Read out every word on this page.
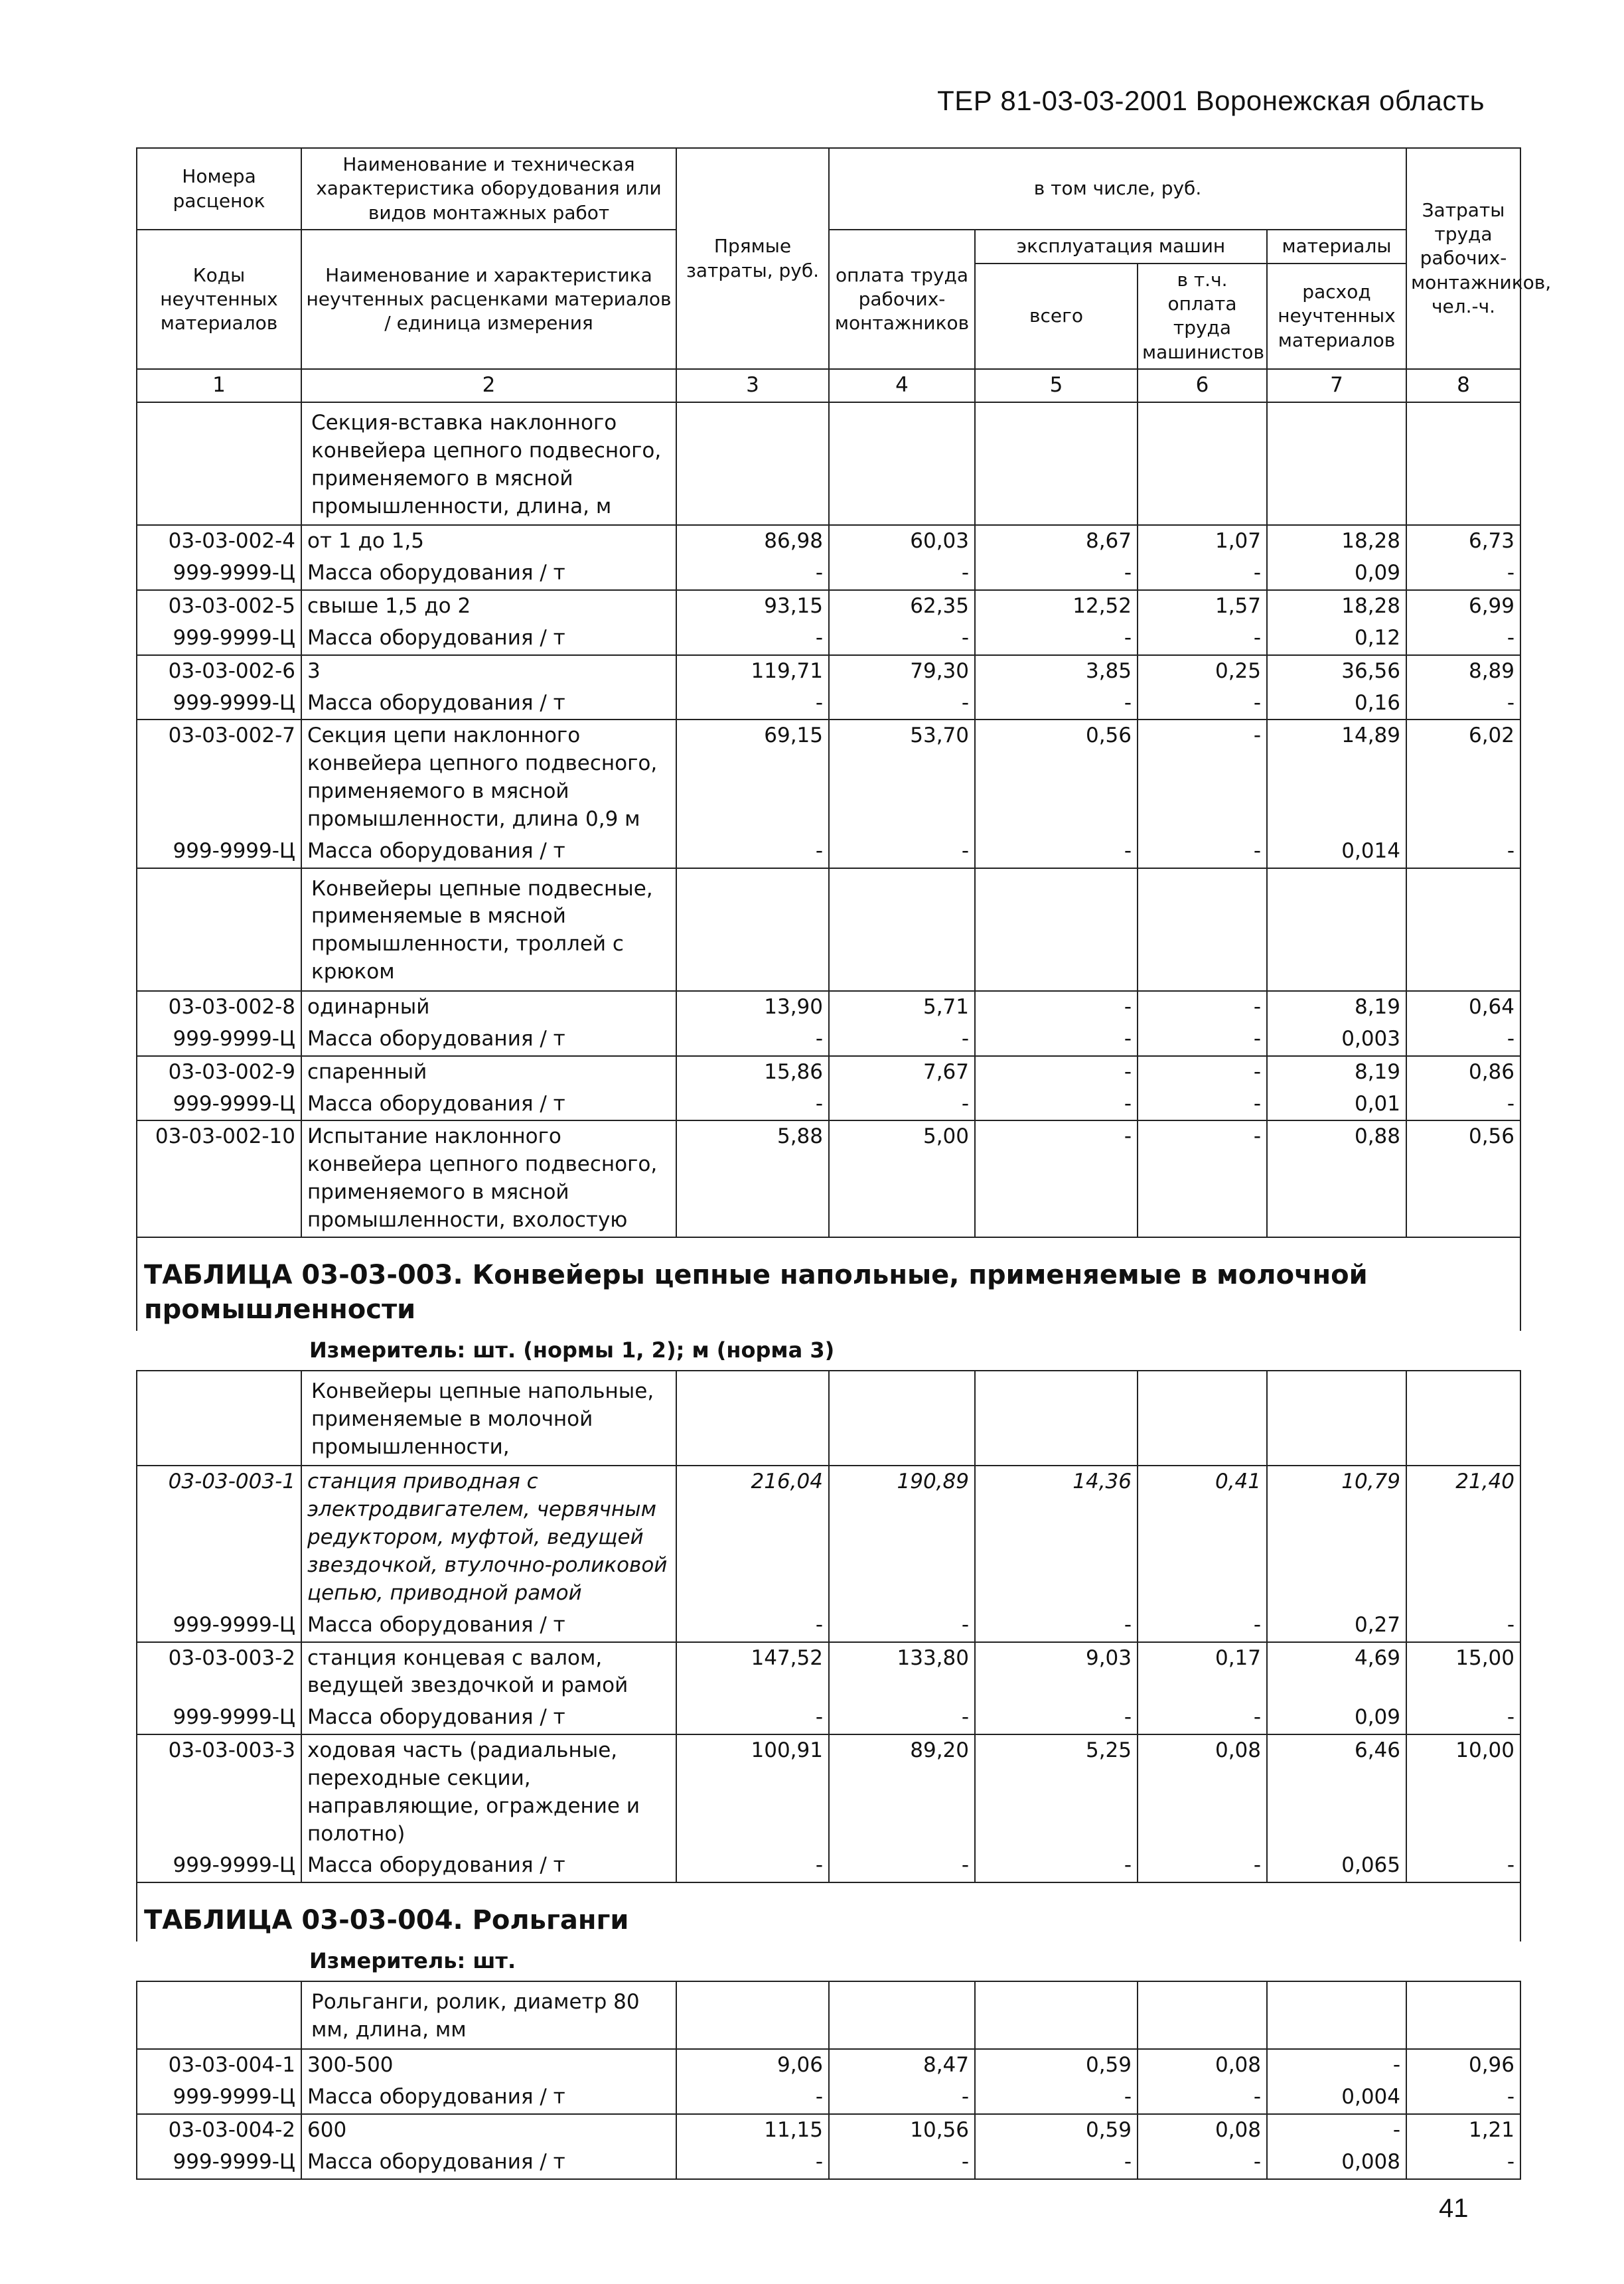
ТЕР 81-03-03-2001 Воронежская область
Номера расценок	Наименование и техническая характеристика оборудования или видов монтажных работ	Прямые затраты, руб.	в том числе, руб.				Затраты труда рабочих-монтажников, чел.-ч.
Коды неучтенных материалов	Наименование и характеристика неучтенных расценками материалов / единица измерения		оплата труда рабочих-монтажников	эксплуатация машин		материалы	
				всего	в т.ч. оплата труда машинистов	расход неучтенных материалов	
1	2	3	4	5	6	7	8
	Секция-вставка наклонного конвейера цепного подвесного, применяемого в мясной промышленности, длина, м						
03-03-002-4	от 1 до 1,5	86,98	60,03	8,67	1,07	18,28	6,73
999-9999-Ц	Масса оборудования / т	-	-	-	-	0,09	-
03-03-002-5	свыше 1,5 до 2	93,15	62,35	12,52	1,57	18,28	6,99
999-9999-Ц	Масса оборудования / т	-	-	-	-	0,12	-
03-03-002-6	3	119,71	79,30	3,85	0,25	36,56	8,89
999-9999-Ц	Масса оборудования / т	-	-	-	-	0,16	-
03-03-002-7	Секция цепи наклонного конвейера цепного подвесного, применяемого в мясной промышленности, длина 0,9 м	69,15	53,70	0,56	-	14,89	6,02
999-9999-Ц	Масса оборудования / т	-	-	-	-	0,014	-
	Конвейеры цепные подвесные, применяемые в мясной промышленности, троллей с крюком						
03-03-002-8	одинарный	13,90	5,71	-	-	8,19	0,64
999-9999-Ц	Масса оборудования / т	-	-	-	-	0,003	-
03-03-002-9	спаренный	15,86	7,67	-	-	8,19	0,86
999-9999-Ц	Масса оборудования / т	-	-	-	-	0,01	-
03-03-002-10	Испытание наклонного конвейера цепного подвесного, применяемого в мясной промышленности, вхолостую	5,88	5,00	-	-	0,88	0,56
ТАБЛИЦА 03-03-003. Конвейеры цепные напольные, применяемые в молочной промышленности							
Измеритель: шт. (нормы 1, 2); м (норма 3)							
	Конвейеры цепные напольные, применяемые в молочной промышленности,						
03-03-003-1	станция приводная с электродвигателем, червячным редуктором, муфтой, ведущей звездочкой, втулочно-роликовой цепью, приводной рамой	216,04	190,89	14,36	0,41	10,79	21,40
999-9999-Ц	Масса оборудования / т	-	-	-	-	0,27	-
03-03-003-2	станция концевая с валом, ведущей звездочкой и рамой	147,52	133,80	9,03	0,17	4,69	15,00
999-9999-Ц	Масса оборудования / т	-	-	-	-	0,09	-
03-03-003-3	ходовая часть (радиальные, переходные секции, направляющие, ограждение и полотно)	100,91	89,20	5,25	0,08	6,46	10,00
999-9999-Ц	Масса оборудования / т	-	-	-	-	0,065	-
ТАБЛИЦА 03-03-004. Рольганги							
Измеритель: шт.							
	Рольганги, ролик, диаметр 80 мм, длина, мм						
03-03-004-1	300-500	9,06	8,47	0,59	0,08	-	0,96
999-9999-Ц	Масса оборудования / т	-	-	-	-	0,004	-
03-03-004-2	600	11,15	10,56	0,59	0,08	-	1,21
999-9999-Ц	Масса оборудования / т	-	-	-	-	0,008	-
41
